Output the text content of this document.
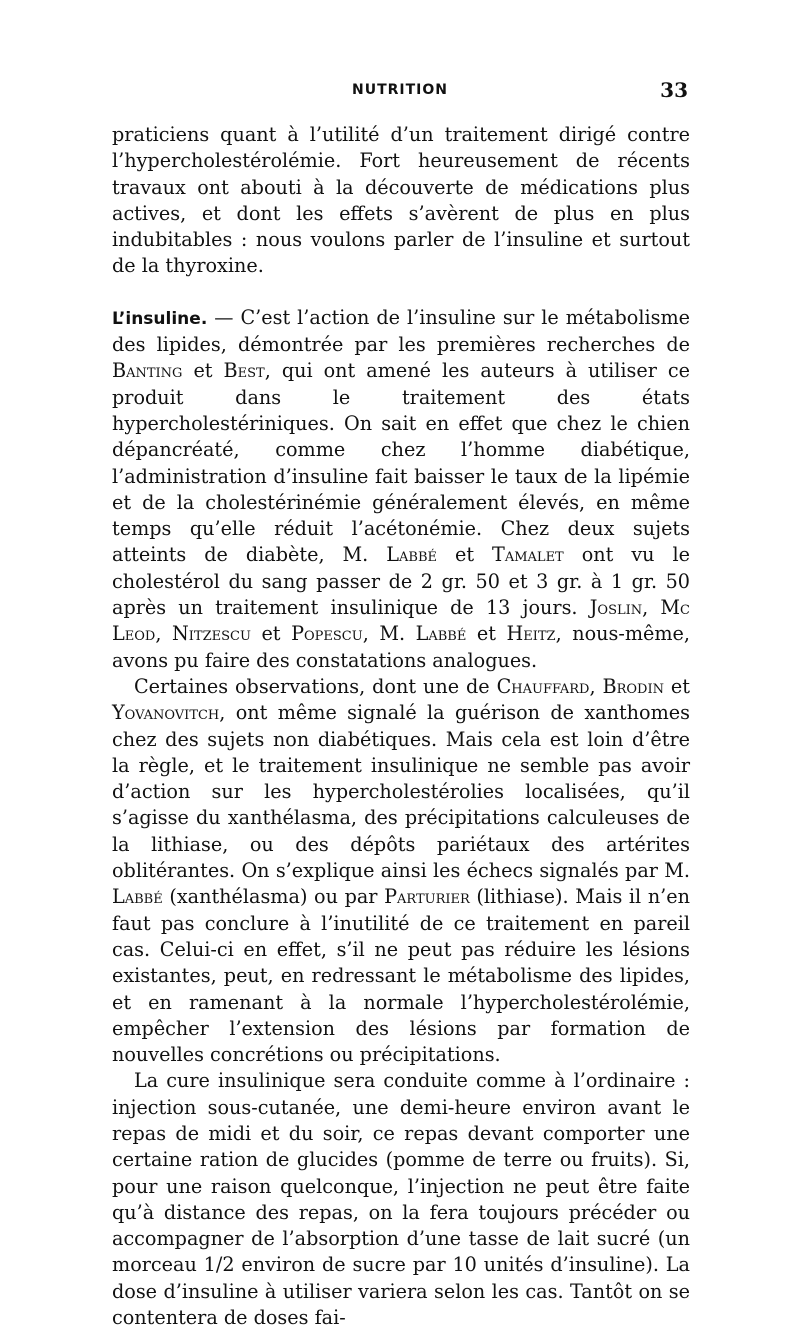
NUTRITION	33

praticiens quant à l’utilité d’un traitement dirigé contre l’hypercholestérolémie. Fort heureusement de récents travaux ont abouti à la découverte de médications plus actives, et dont les effets s’avèrent de plus en plus indubitables : nous voulons parler de l’insuline et surtout de la thyroxine.

L’insuline. — C’est l’action de l’insuline sur le métabolisme des lipides, démontrée par les premières recherches de Banting et Best, qui ont amené les auteurs à utiliser ce produit dans le traitement des états hypercholestériniques. On sait en effet que chez le chien dépancréaté, comme chez l’homme diabétique, l’administration d’insuline fait baisser le taux de la lipémie et de la cholestérinémie généralement élevés, en même temps qu’elle réduit l’acétonémie. Chez deux sujets atteints de diabète, M. Labbé et Tamalet ont vu le cholestérol du sang passer de 2 gr. 50 et 3 gr. à 1 gr. 50 après un traitement insulinique de 13 jours. Joslin, Mc Leod, Nitzescu et Popescu, M. Labbé et Heitz, nous-même, avons pu faire des constatations analogues.

Certaines observations, dont une de Chauffard, Brodin et Yovanovitch, ont même signalé la guérison de xanthomes chez des sujets non diabétiques. Mais cela est loin d’être la règle, et le traitement insulinique ne semble pas avoir d’action sur les hypercholestérolies localisées, qu’il s’agisse du xanthélasma, des précipitations calculeuses de la lithiase, ou des dépôts pariétaux des artérites oblitérantes. On s’explique ainsi les échecs signalés par M. Labbé (xanthélasma) ou par Parturier (lithiase). Mais il n’en faut pas conclure à l’inutilité de ce traitement en pareil cas. Celui-ci en effet, s’il ne peut pas réduire les lésions existantes, peut, en redressant le métabolisme des lipides, et en ramenant à la normale l’hypercholestérolémie, empêcher l’extension des lésions par formation de nouvelles concrétions ou précipitations.

La cure insulinique sera conduite comme à l’ordinaire : injection sous-cutanée, une demi-heure environ avant le repas de midi et du soir, ce repas devant comporter une certaine ration de glucides (pomme de terre ou fruits). Si, pour une raison quelconque, l’injection ne peut être faite qu’à distance des repas, on la fera toujours précéder ou accompagner de l’absorption d’une tasse de lait sucré (un morceau 1/2 environ de sucre par 10 unités d’insuline). La dose d’insuline à utiliser variera selon les cas. Tantôt on se contentera de doses fai-
